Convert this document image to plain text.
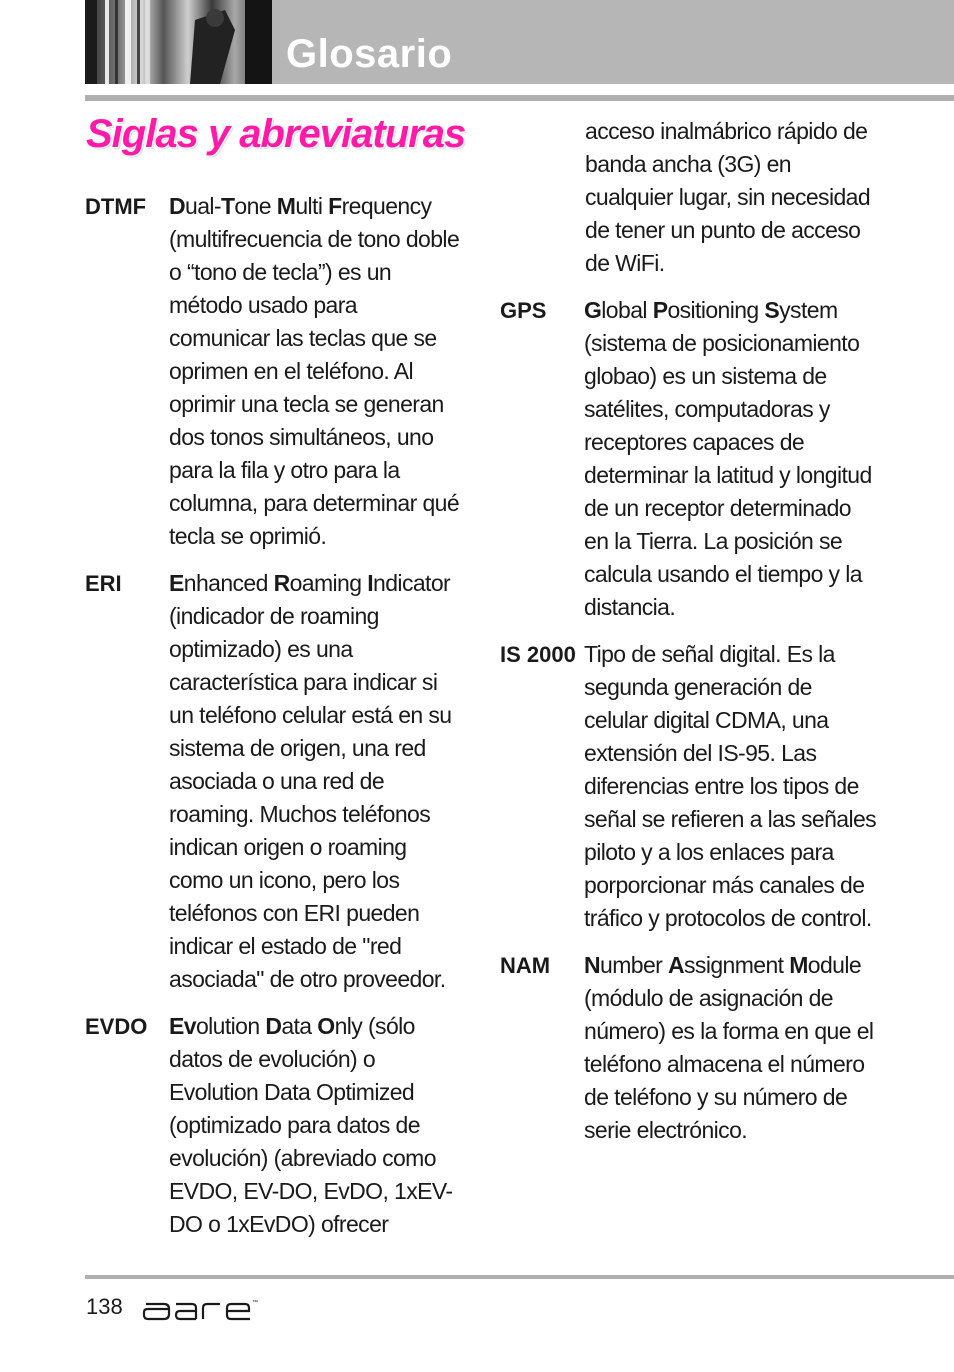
Glosario
Siglas y abreviaturas
DTMF Dual-Tone Multi Frequency (multifrecuencia de tono doble o “tono de tecla”) es un método usado para comunicar las teclas que se oprimen en el teléfono. Al oprimir una tecla se generan dos tonos simultáneos, uno para la fila y otro para la columna, para determinar qué tecla se oprimió.
ERI Enhanced Roaming Indicator (indicador de roaming optimizado) es una característica para indicar si un teléfono celular está en su sistema de origen, una red asociada o una red de roaming. Muchos teléfonos indican origen o roaming como un icono, pero los teléfonos con ERI pueden indicar el estado de "red asociada" de otro proveedor.
EVDO Evolution Data Only (sólo datos de evolución) o Evolution Data Optimized (optimizado para datos de evolución) (abreviado como EVDO, EV-DO, EvDO, 1xEV-DO o 1xEvDO) ofrecer
acceso inalmábrico rápido de banda ancha (3G) en cualquier lugar, sin necesidad de tener un punto de acceso de WiFi.
GPS Global Positioning System (sistema de posicionamiento globao) es un sistema de satélites, computadoras y receptores capaces de determinar la latitud y longitud de un receptor determinado en la Tierra. La posición se calcula usando el tiempo y la distancia.
IS 2000 Tipo de señal digital. Es la segunda generación de celular digital CDMA, una extensión del IS-95. Las diferencias entre los tipos de señal se refieren a las señales piloto y a los enlaces para porporcionar más canales de tráfico y protocolos de control.
NAM Number Assignment Module (módulo de asignación de número) es la forma en que el teléfono almacena el número de teléfono y su número de serie electrónico.
138	™
